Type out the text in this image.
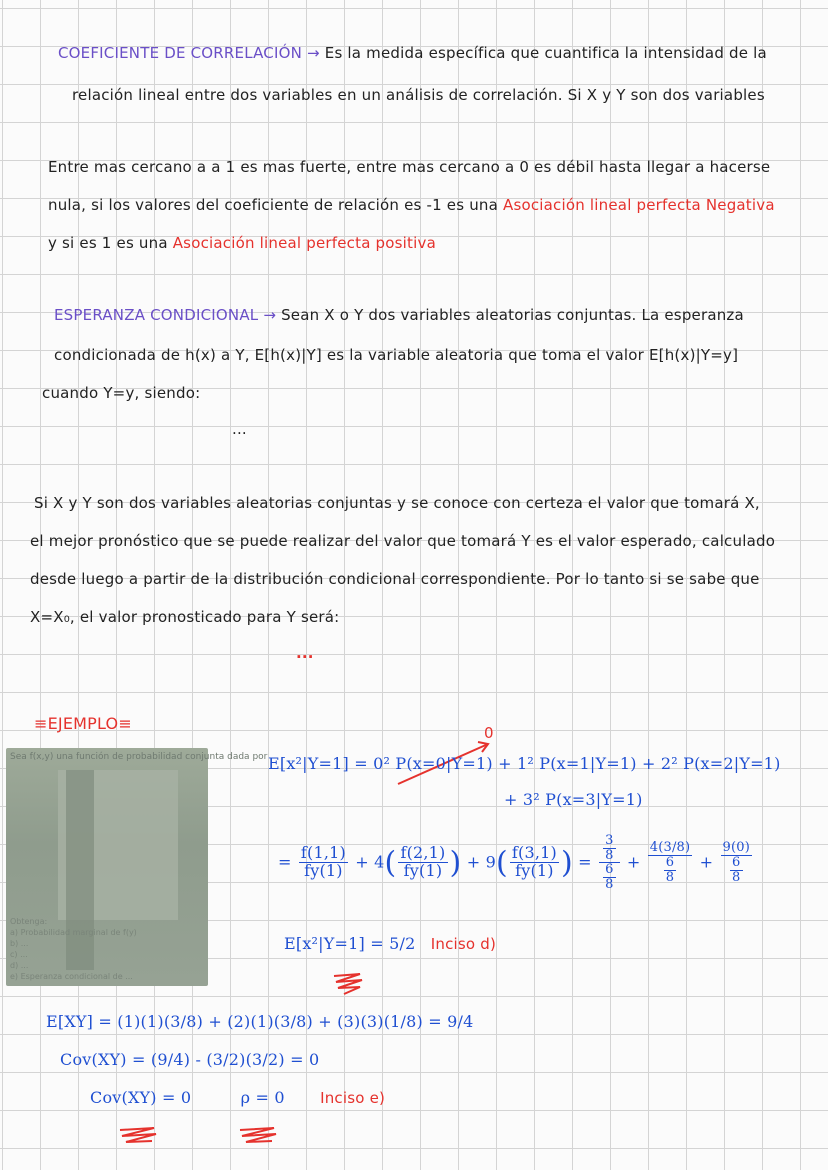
COEFICIENTE DE CORRELACIÓN → Es la medida específica que cuantifica la intensidad de la
relación lineal entre dos variables en un análisis de correlación. Si X y Y son dos variables
Entre mas cercano a a 1 es mas fuerte, entre mas cercano a 0 es débil hasta llegar a hacerse
nula, si los valores del coeficiente de relación es -1 es una Asociación lineal perfecta Negativa
y si es 1 es una Asociación lineal perfecta positiva
ESPERANZA CONDICIONAL → Sean X o Y dos variables aleatorias conjuntas. La esperanza
condicionada de h(x) a Y, E[h(x)|Y] es la variable aleatoria que toma el valor E[h(x)|Y=y]
cuando Y=y, siendo:
...
Si X y Y son dos variables aleatorias conjuntas y se conoce con certeza el valor que tomará X,
el mejor pronóstico que se puede realizar del valor que tomará Y es el valor esperado, calculado
desde luego a partir de la distribución condicional correspondiente. Por lo tanto si se sabe que
X=X₀, el valor pronosticado para Y será:
...
≡EJEMPLO≡
Sea f(x,y) una función de probabilidad conjunta dada por
Obtenga:
a) Probabilidad marginal de f(y)
b) ...
c) ...
d) ...
e) Esperanza condicional de ...
0
E[x²|Y=1] = 0² P(x=0|Y=1) + 1² P(x=1|Y=1) + 2² P(x=2|Y=1)
+ 3² P(x=3|Y=1)
= $\frac{f(1,1)}{fy(1)} + 4( \frac{f(2,1)}{fy(1)}$ ) + $9( \frac{f(3,1)}{fy(1)}$ ) = $\frac{\frac{3}{8}}{\frac{6}{8}} + \frac{4(3/8)}{\frac{6}{8}} + \frac{9(0)}{\frac{6}{8}}$
E[x²|Y=1] = 5/2 Inciso d)
E[XY] = (1)(1)(3/8) + (2)(1)(3/8) + (3)(3)(1/8) = 9/4
Cov(XY) = (9/4) - (3/2)(3/2) = 0
Cov(XY) = 0	ρ = 0 Inciso e)
